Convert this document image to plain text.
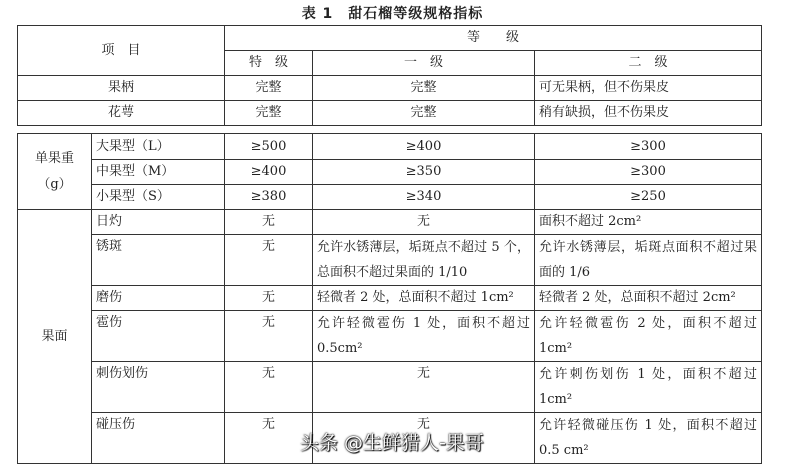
表 1　甜石榴等级规格指标
项　目	等　　级		
	特　级	一　级	二　级
果柄	完整	完整	可无果柄，但不伤果皮
花萼	完整	完整	稍有缺损，但不伤果皮
单果重
（g）	大果型（L）	≥500	≥400	≥300
	中果型（M）	≥400	≥350	≥300
	小果型（S）	≥380	≥340	≥250
果面	日灼	无	无	面积不超过 2cm²
	锈斑	无	允许水锈薄层，垢斑点不超过 5 个，总面积不超过果面的 1/10	允许水锈薄层，垢斑点面积不超过果面的 1/6
	磨伤	无	轻微者 2 处，总面积不超过 1cm²	轻微者 2 处，总面积不超过 2cm²
	雹伤	无	允许轻微雹伤 1 处，面积不超过 0.5cm²	允许轻微雹伤 2 处，面积不超过 1cm²
	刺伤划伤	无	无	允许刺伤划伤 1 处，面积不超过 1cm²
	碰压伤	无	无	允许轻微碰压伤 1 处，面积不超过 0.5 cm²
头条 @生鲜猎人-果哥
